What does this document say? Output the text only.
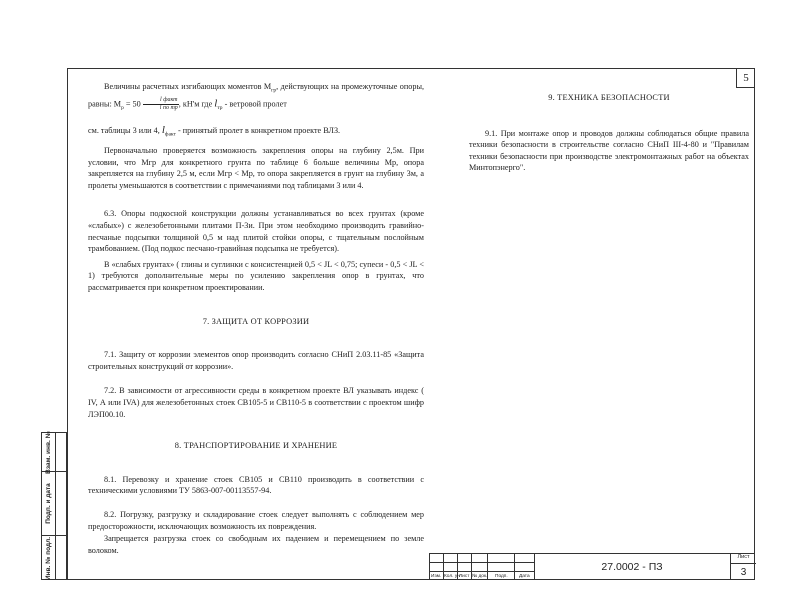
5
Взам. инв. №
Подп. и дата
Инв. № подл.

Величины расчетных изгибающих моментов $М_{гр}$, действующих на промежуточные опоры, равны: $М_р = 50 \frac{\text{l факт}}{\text{l по тр}}$ , кН'м где $l_{тр}$ - ветровой пролет

см. таблицы 3 или 4, $l_{факт}$ - принятый пролет в конкретном проекте ВЛЗ.

Первоначально проверяется возможность закрепления опоры на глубину 2,5м. При условии, что Мгр для конкретного грунта по таблице 6 больше величины Мр, опора закрепляется на глубину 2,5 м, если Мгр < Мр, то опора закрепляется в грунт на глубину 3м, а пролеты уменьшаются в соответствии с примечаниями под таблицами 3 или 4.

6.3. Опоры подкосной конструкции должны устанавливаться во всех грунтах (кроме «слабых») с железобетонными плитами П-3и. При этом необходимо производить гравийно-песчаные подсыпки толщиной 0,5 м над плитой стойки опоры, с тщательным послойным трамбованием. (Под подкос песчано-гравийная подсыпка не требуется).

В «слабых грунтах» ( глины и суглинки с консистенцией 0,5 < JL < 0,75; супеси - 0,5 < JL < 1) требуются дополнительные меры по усилению закрепления опор в грунтах, что рассматривается при конкретном проектировании.

7. ЗАЩИТА ОТ КОРРОЗИИ

7.1. Защиту от коррозии элементов опор производить согласно СНиП 2.03.11-85 «Защита строительных конструкций от коррозии».

7.2. В зависимости от агрессивности среды в конкретном проекте ВЛ указывать индекс ( IV, А или IVA) для железобетонных стоек СВ105-5 и СВ110-5 в соответствии с проектом шифр ЛЭП00.10.

8. ТРАНСПОРТИРОВАНИЕ И ХРАНЕНИЕ

8.1. Перевозку и хранение стоек СВ105 и СВ110 производить в соответствии с техническими условиями ТУ 5863-007-00113557-94.

8.2. Погрузку, разгрузку и складирование стоек следует выполнять с соблюдением мер предосторожности, исключающих возможность их повреждения.

Запрещается разгрузка стоек со свободным их падением и перемещением по земле волоком.

9. ТЕХНИКА БЕЗОПАСНОСТИ

9.1. При монтаже опор и проводов должны соблюдаться общие правила техники безопасности в строительстве согласно СНиП III-4-80 и "Правилам техники безопасности при производстве электромонтажных работ на объектах Минтопэнерго".

Изм. Кол. уч Лист № док. Подп. Дата
27.0002 - ПЗ
Лист
3
